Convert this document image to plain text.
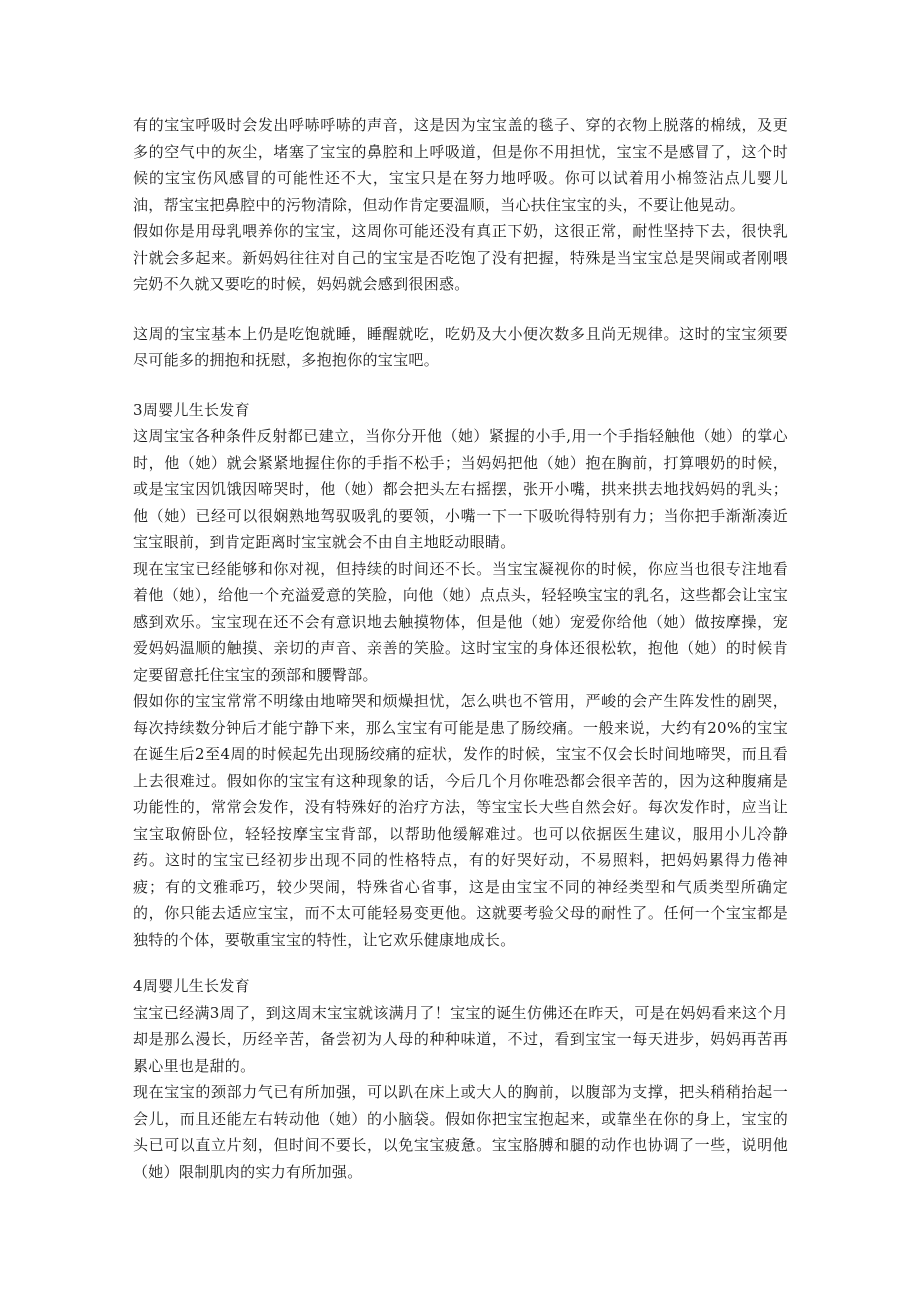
有的宝宝呼吸时会发出呼哧呼哧的声音，这是因为宝宝盖的毯子、穿的衣物上脱落的棉绒，及更多的空气中的灰尘，堵塞了宝宝的鼻腔和上呼吸道，但是你不用担忧，宝宝不是感冒了，这个时候的宝宝伤风感冒的可能性还不大，宝宝只是在努力地呼吸。你可以试着用小棉签沾点儿婴儿油，帮宝宝把鼻腔中的污物清除，但动作肯定要温顺，当心扶住宝宝的头，不要让他晃动。

假如你是用母乳喂养你的宝宝，这周你可能还没有真正下奶，这很正常，耐性坚持下去，很快乳汁就会多起来。新妈妈往往对自己的宝宝是否吃饱了没有把握，特殊是当宝宝总是哭闹或者刚喂完奶不久就又要吃的时候，妈妈就会感到很困惑。

这周的宝宝基本上仍是吃饱就睡，睡醒就吃，吃奶及大小便次数多且尚无规律。这时的宝宝须要尽可能多的拥抱和抚慰，多抱抱你的宝宝吧。

3周婴儿生长发育

这周宝宝各种条件反射都已建立，当你分开他（她）紧握的小手,用一个手指轻触他（她）的掌心时，他（她）就会紧紧地握住你的手指不松手；当妈妈把他（她）抱在胸前，打算喂奶的时候，或是宝宝因饥饿因啼哭时，他（她）都会把头左右摇摆，张开小嘴，拱来拱去地找妈妈的乳头；他（她）已经可以很娴熟地驾驭吸乳的要领，小嘴一下一下吸吮得特别有力；当你把手渐渐凑近宝宝眼前，到肯定距离时宝宝就会不由自主地眨动眼睛。

现在宝宝已经能够和你对视，但持续的时间还不长。当宝宝凝视你的时候，你应当也很专注地看着他（她），给他一个充溢爱意的笑脸，向他（她）点点头，轻轻唤宝宝的乳名，这些都会让宝宝感到欢乐。宝宝现在还不会有意识地去触摸物体，但是他（她）宠爱你给他（她）做按摩操，宠爱妈妈温顺的触摸、亲切的声音、亲善的笑脸。这时宝宝的身体还很松软，抱他（她）的时候肯定要留意托住宝宝的颈部和腰臀部。

假如你的宝宝常常不明缘由地啼哭和烦燥担忧，怎么哄也不管用，严峻的会产生阵发性的剧哭，每次持续数分钟后才能宁静下来，那么宝宝有可能是患了肠绞痛。一般来说，大约有20%的宝宝在诞生后2至4周的时候起先出现肠绞痛的症状，发作的时候，宝宝不仅会长时间地啼哭，而且看上去很难过。假如你的宝宝有这种现象的话，今后几个月你唯恐都会很辛苦的，因为这种腹痛是功能性的，常常会发作，没有特殊好的治疗方法，等宝宝长大些自然会好。每次发作时，应当让宝宝取俯卧位，轻轻按摩宝宝背部，以帮助他缓解难过。也可以依据医生建议，服用小儿冷静药。这时的宝宝已经初步出现不同的性格特点，有的好哭好动，不易照料，把妈妈累得力倦神疲；有的文雅乖巧，较少哭闹，特殊省心省事，这是由宝宝不同的神经类型和气质类型所确定的，你只能去适应宝宝，而不太可能轻易变更他。这就要考验父母的耐性了。任何一个宝宝都是独特的个体，要敬重宝宝的特性，让它欢乐健康地成长。

4周婴儿生长发育

宝宝已经满3周了，到这周末宝宝就该满月了！宝宝的诞生仿佛还在昨天，可是在妈妈看来这个月却是那么漫长，历经辛苦，备尝初为人母的种种味道，不过，看到宝宝一每天进步，妈妈再苦再累心里也是甜的。

现在宝宝的颈部力气已有所加强，可以趴在床上或大人的胸前，以腹部为支撑，把头稍稍抬起一会儿，而且还能左右转动他（她）的小脑袋。假如你把宝宝抱起来，或靠坐在你的身上，宝宝的头已可以直立片刻，但时间不要长，以免宝宝疲惫。宝宝胳膊和腿的动作也协调了一些，说明他（她）限制肌肉的实力有所加强。
